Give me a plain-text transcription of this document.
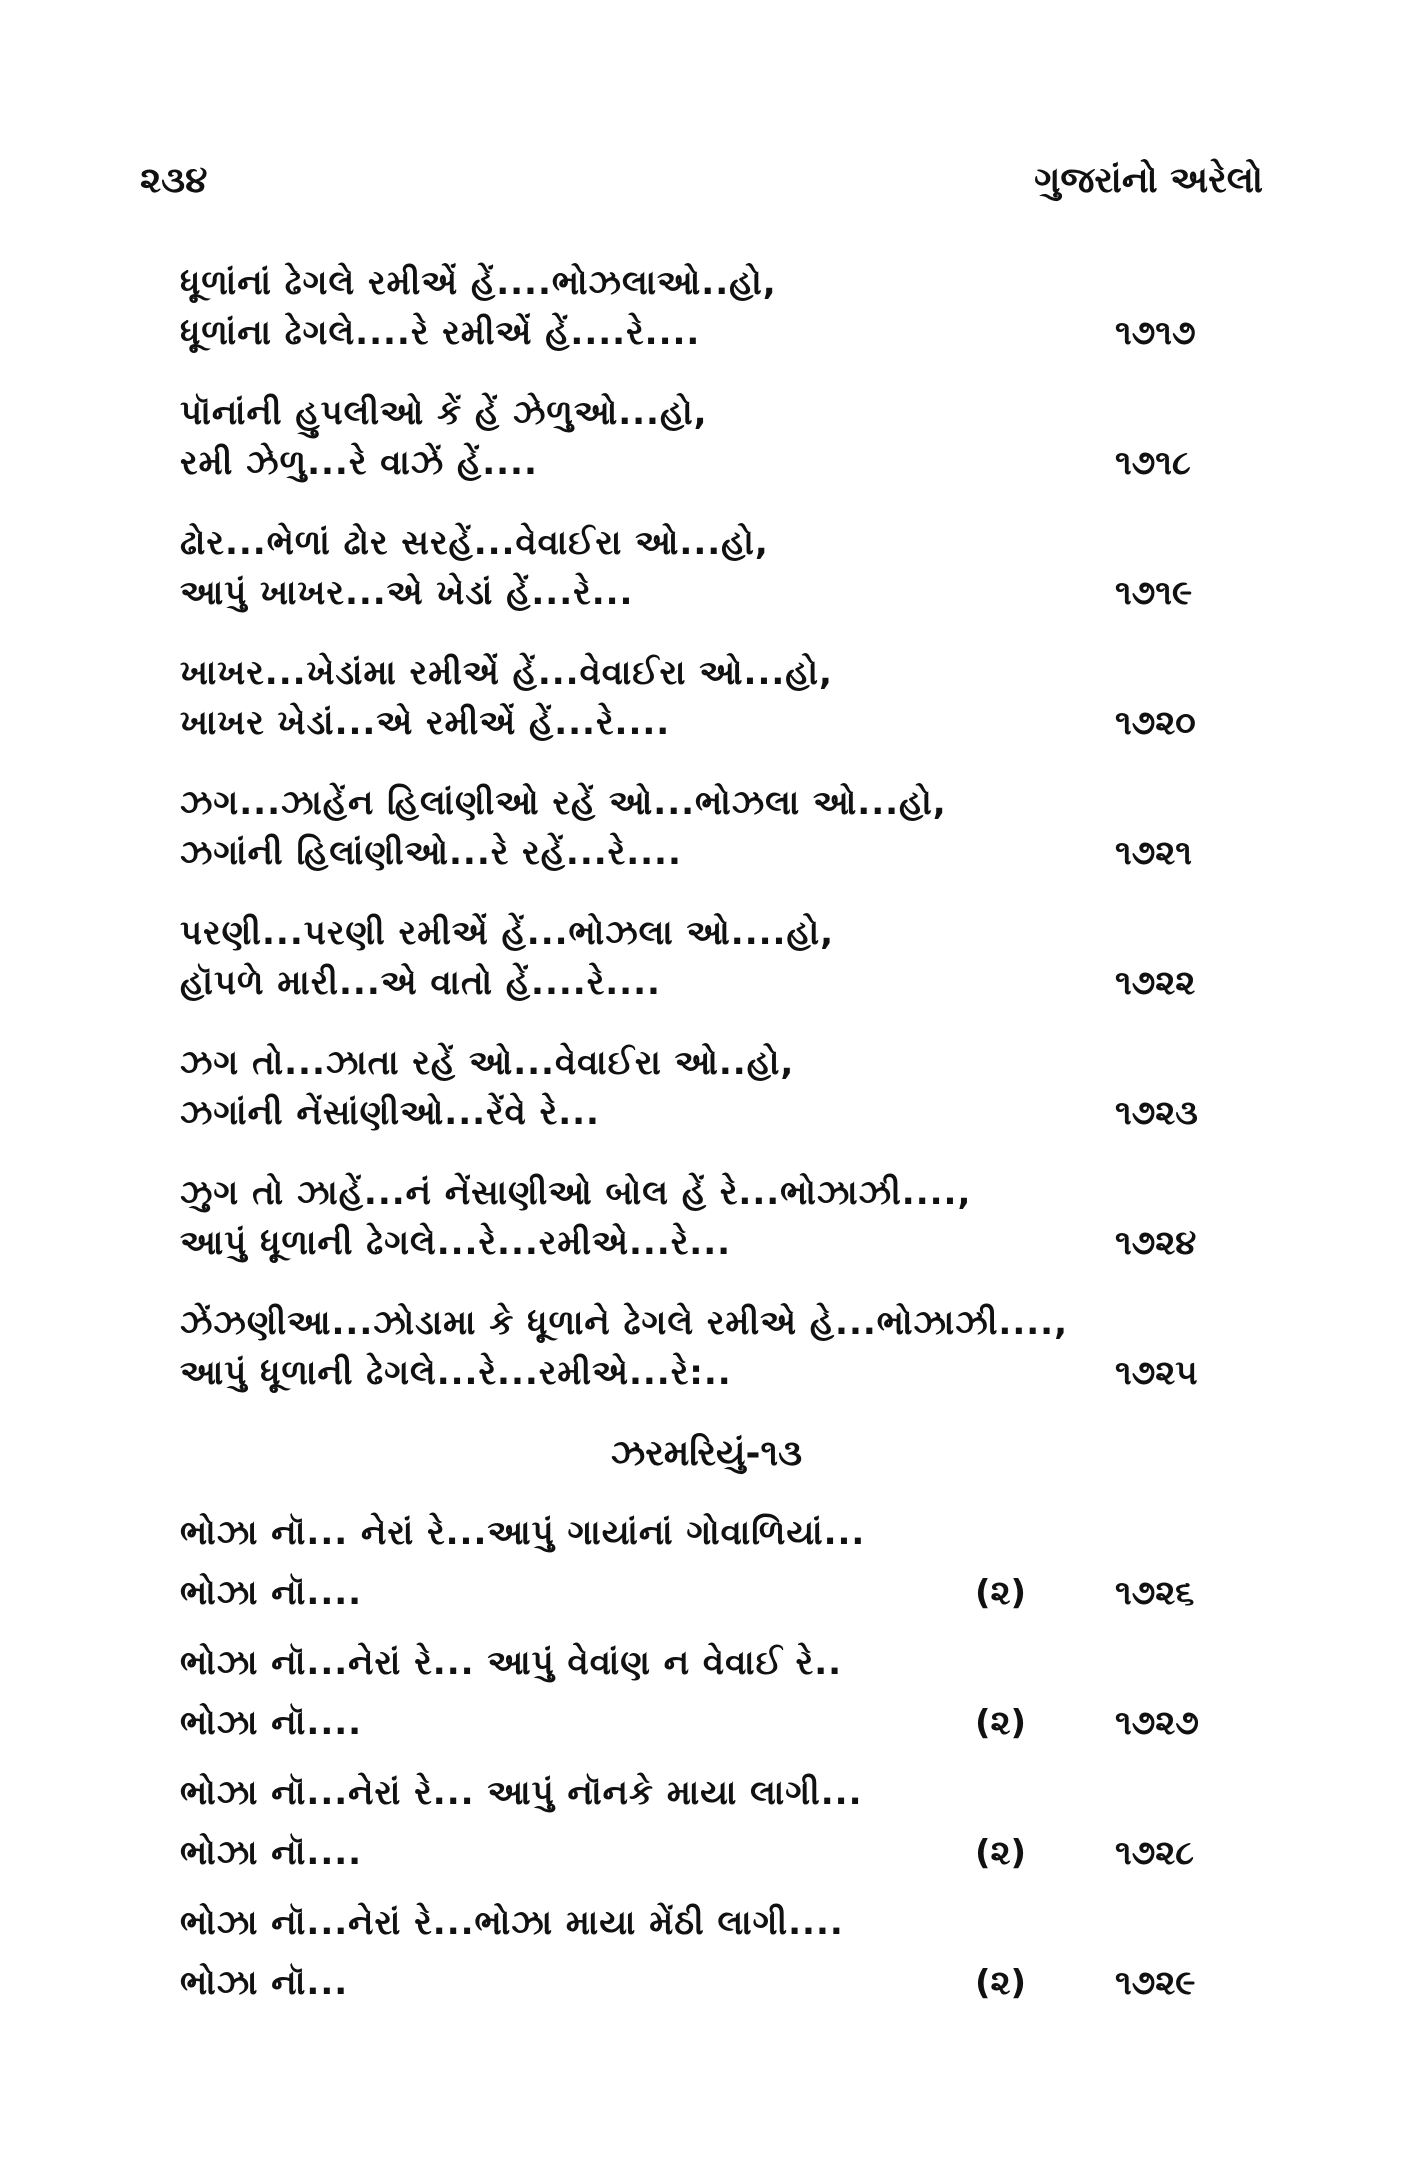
૨૩૪	ગુજરાંનો અરેલો
ધૂળાંનાં ઢેગલે રમીએં હેં....ભોઝલાઓ..હો,
ધૂળાંના ઢેગલે....રે રમીએં હેં....રે....	૧૭૧૭
પૉનાંની હુપલીઓ કેં હેં ઝેળુઓ...હો,
રમી ઝેળુ...રે વાઝેં હેં....	૧૭૧૮
ઢોર...ભેળાં ઢોર સરહેં...વેવાઈરા ઓ...હો,
આપું ખાખર...એ ખેડાં હેં...રે...	૧૭૧૯
ખાખર...ખેડાંમા રમીએં હેં...વેવાઈરા ઓ...હો,
ખાખર ખેડાં...એ રમીએં હેં...રે....	૧૭૨૦
ઝગ...ઝાહેંન હિલાંણીઓ રહેં ઓ...ભોઝલા ઓ...હો,
ઝગાંની હિલાંણીઓ...રે રહેં...રે....	૧૭૨૧
પરણી...પરણી રમીએં હેં...ભોઝલા ઓ....હો,
હૉપળે મારી...એ વાતો હેં....રે....	૧૭૨૨
ઝગ તો...ઝાતા રહેં ઓ...વેવાઈરા ઓ..હો,
ઝગાંની નેંસાંણીઓ...રેંવે રે...	૧૭૨૩
ઝુગ તો ઝાહેં...નં નેંસાણીઓ બોલ હેં રે...ભોઝાઝી....,
આપું ધૂળાની ઢેગલે...રે...રમીએ...રે...	૧૭૨૪
ઝેંઝણીઆ...ઝોડામા કે ધૂળાને ઢેગલે રમીએ હે...ભોઝાઝી....,
આપું ધૂળાની ઢેગલે...રે...રમીએ...રે:..	૧૭૨૫
ઝરમરિયું-૧૩
ભોઝા નૉ... નેરાં રે...આપું ગાયાંનાં ગોવાળિયાં...
ભોઝા નૉ....	(૨)	૧૭૨૬
ભોઝા નૉ...નેરાં રે... આપું વેવાંણ ન વેવાઈ રે..
ભોઝા નૉ....	(૨)	૧૭૨૭
ભોઝા નૉ...નેરાં રે... આપું નૉનકે માયા લાગી...
ભોઝા નૉ....	(૨)	૧૭૨૮
ભોઝા નૉ...નેરાં રે...ભોઝા માયા મેંઠી લાગી....
ભોઝા નૉ...	(૨)	૧૭૨૯
